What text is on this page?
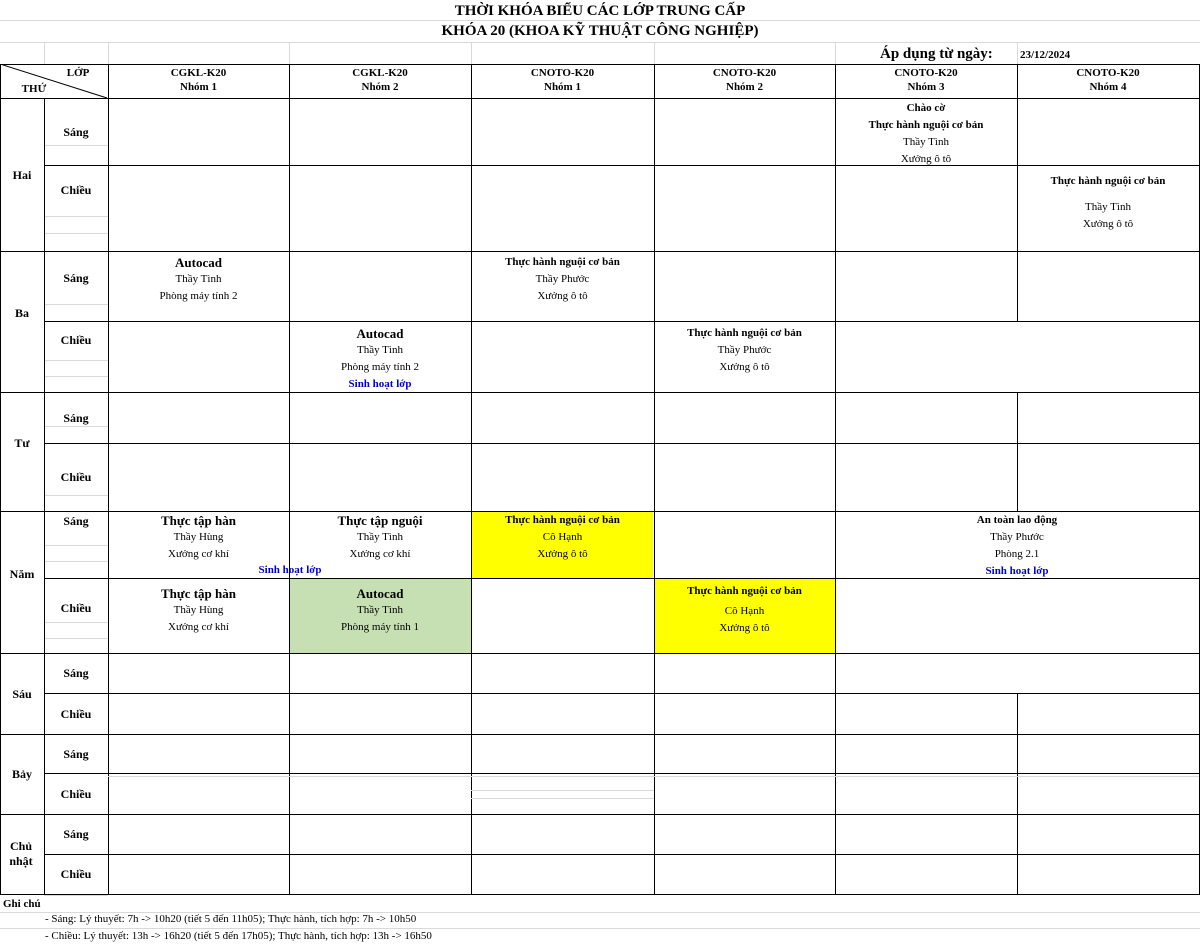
THỜI KHÓA BIỂU CÁC LỚP TRUNG CẤP
KHÓA 20 (KHOA KỸ THUẬT CÔNG NGHIỆP)
Áp dụng từ ngày: 23/12/2024
LỚP
THỨ
CGKL-K20
Nhóm 1
CGKL-K20
Nhóm 2
CNOTO-K20
Nhóm 1
CNOTO-K20
Nhóm 2
CNOTO-K20
Nhóm 3
CNOTO-K20
Nhóm 4
Hai
Ba
Tư
Năm
Sáu
Bảy
Chủ nhật
Sáng
Chiều
Sáng
Chiều
Sáng
Chiều
Sáng
Chiều
Sáng
Chiều
Sáng
Chiều
Sáng
Chiều
Chào cờ
Thực hành nguội cơ bản
Thầy Tình
Xưởng ô tô
Thực hành nguội cơ bản
Thầy Tình
Xưởng ô tô
Autocad
Thầy Tình
Phòng máy tính 2
Thực hành nguội cơ bản
Thầy Phước
Xưởng ô tô
Autocad
Thầy Tình
Phòng máy tính 2
Sinh hoạt lớp
Thực hành nguội cơ bản
Thầy Phước
Xưởng ô tô
Thực tập hàn
Thầy Hùng
Xưởng cơ khí
Sinh hoạt lớp
Thực tập nguội
Thầy Tình
Xưởng cơ khí
Thực hành nguội cơ bản
Cô Hạnh
Xưởng ô tô
An toàn lao động
Thầy Phước
Phòng 2.1
Sinh hoạt lớp
Thực tập hàn
Thầy Hùng
Xưởng cơ khí
Autocad
Thầy Tình
Phòng máy tính 1
Thực hành nguội cơ bản
Cô Hạnh
Xưởng ô tô
Ghi chú
- Sáng: Lý thuyết: 7h -> 10h20 (tiết 5 đến 11h05); Thực hành, tích hợp: 7h -> 10h50
- Chiều: Lý thuyết: 13h -> 16h20 (tiết 5 đến 17h05); Thực hành, tích hợp: 13h -> 16h50
